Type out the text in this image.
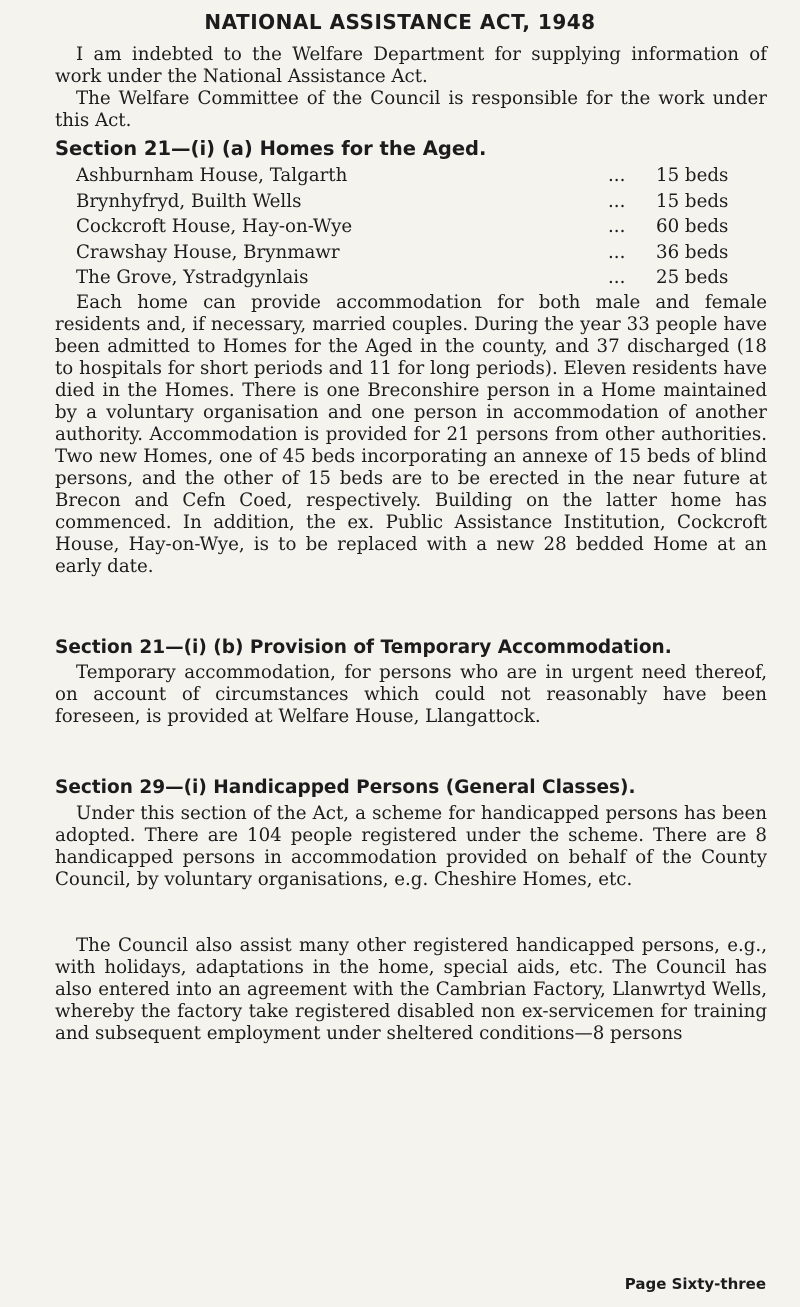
NATIONAL ASSISTANCE ACT, 1948

I am indebted to the Welfare Department for supplying information of work under the National Assistance Act.

The Welfare Committee of the Council is responsible for the work under this Act.

Section 21—(i) (a) Homes for the Aged.
Ashburnham House, Talgarth	... 15 beds
Brynhyfryd, Builth Wells	... 15 beds
Cockcroft House, Hay-on-Wye	... 60 beds
Crawshay House, Brynmawr	... 36 beds
The Grove, Ystradgynlais	... 25 beds

Each home can provide accommodation for both male and female residents and, if necessary, married couples. During the year 33 people have been admitted to Homes for the Aged in the county, and 37 discharged (18 to hospitals for short periods and 11 for long periods). Eleven residents have died in the Homes. There is one Breconshire person in a Home maintained by a voluntary organisation and one person in accommodation of another authority. Accommodation is provided for 21 persons from other authorities. Two new Homes, one of 45 beds incorporating an annexe of 15 beds of blind persons, and the other of 15 beds are to be erected in the near future at Brecon and Cefn Coed, respectively. Building on the latter home has commenced. In addition, the ex. Public Assistance Institution, Cockcroft House, Hay-on-Wye, is to be replaced with a new 28 bedded Home at an early date.

Section 21—(i) (b) Provision of Temporary Accommodation.

Temporary accommodation, for persons who are in urgent need thereof, on account of circumstances which could not reasonably have been foreseen, is provided at Welfare House, Llangattock.

Section 29—(i) Handicapped Persons (General Classes).

Under this section of the Act, a scheme for handicapped persons has been adopted. There are 104 people registered under the scheme. There are 8 handicapped persons in accommodation provided on behalf of the County Council, by voluntary organisations, e.g. Cheshire Homes, etc.

The Council also assist many other registered handicapped persons, e.g., with holidays, adaptations in the home, special aids, etc. The Council has also entered into an agreement with the Cambrian Factory, Llanwrtyd Wells, whereby the factory take registered disabled non ex-servicemen for training and subsequent employment under sheltered conditions—8 persons

Page Sixty-three
